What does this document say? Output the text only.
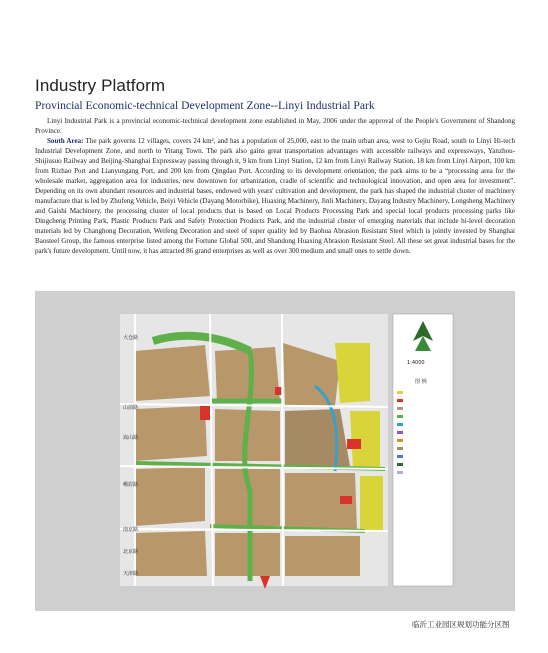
Industry Platform
Provincial Economic-technical Development Zone--Linyi Industrial Park

Linyi Industrial Park is a provincial economic-technical development zone established in May, 2006 under the approval of the People's Government of Shandong Province.

South Area: The park governs 12 villages, covers 24 km², and has a population of 25,000, east to the main urban area, west to Gejiu Road, south to Linyi Hi-tech Industrial Development Zone, and north to Yitang Town. The park also gains great transportation advantages with accessible railways and expressways, Yanzhou-Shijiusuo Railway and Beijing-Shanghai Expressway passing through it, 9 km from Linyi Station, 12 km from Linyi Railway Station, 18 km from Linyi Airport, 100 km from Rizhao Port and Lianyungang Port, and 200 km from Qingdao Port. According to its development orientation, the park aims to be a “processing area for the wholesale market, aggregation area for industries, new downtown for urbanization, cradle of scientific and technological innovation, and open area for investment”. Depending on its own abundant resources and industrial bases, endowed with years' cultivation and development, the park has shaped the industrial cluster of machinery manufacture that is led by Zhufeng Vehicle, Beiyi Vehicle (Dayang Motorbike), Huaxing Machinery, Jinli Machinery, Dayang Industry Machinery, Longsheng Machinery and Gaishi Machinery, the processing cluster of local products that is based on Local Products Processing Park and special local products processing parks like Dingcheng Printing Park, Plastic Products Park and Safety Protection Products Park, and the industrial cluster of emerging materials that include hi-level decoration materials led by Changhong Decoration, Weifeng Decoration and steel of super quality led by Baohua Abrasion Resistant Steel which is jointly invested by Shanghai Baosteel Group, the famous enterprise listed among the Fortune Global 500, and Shandong Huaxing Abrasion Resistant Steel. All these set great industrial bases for the park's future development. Until now, it has attracted 86 grand enterprises as well as over 300 medium and small ones to settle down.

大仓路
山前路
嵩山路
峨眉路
南京路
北京路
天津路
1:4000
图 例
临沂工业园区规划功能分区图
